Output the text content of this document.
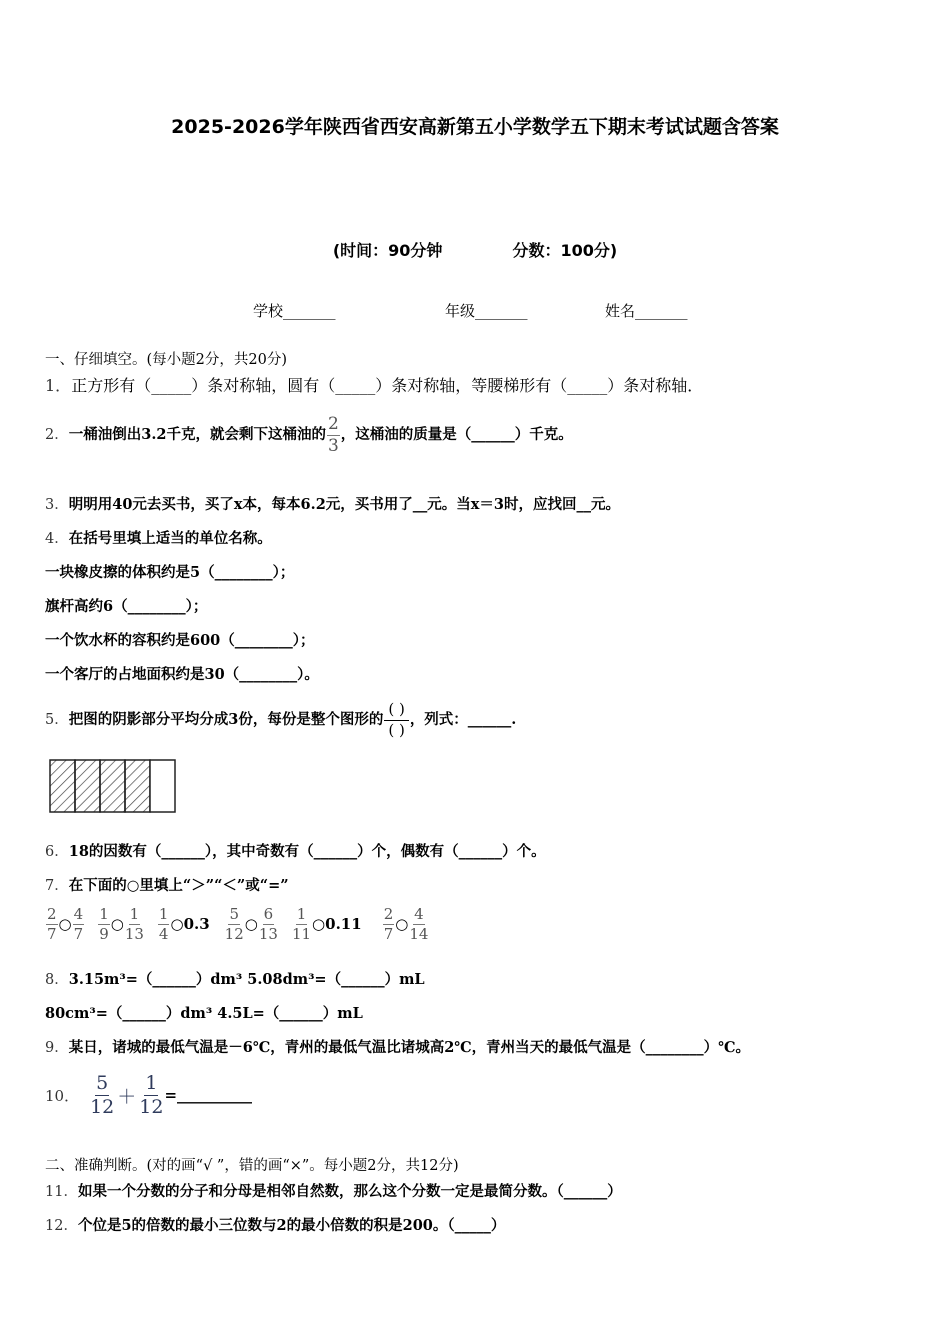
2025-2026学年陕西省西安高新第五小学数学五下期末考试试题含答案
(时间：90分钟	分数：100分)
学校_______	年级_______	姓名_______
一、仔细填空。(每小题2分，共20分)
1．正方形有（_____）条对称轴，圆有（_____）条对称轴，等腰梯形有（_____）条对称轴．
2． 一桶油倒出3.2千克，就会剩下这桶油的 $\frac{2}{3}$ ，这桶油的质量是（______）千克。
3．明明用40元去买书，买了x本，每本6.2元，买书用了__元。当x＝3时，应找回__元。
4．在括号里填上适当的单位名称。
一块橡皮擦的体积约是5（________）；
旗杆高约6（________）；
一个饮水杯的容积约是600（________）；
一个客厅的占地面积约是30（________）。
5． 把图的阴影部分平均分成3份，每份是整个图形的 $\frac{( )}{( )}$ ，列式：______.
6．18的因数有（______），其中奇数有（______）个，偶数有（______）个。
7．在下面的○里填上“＞”“＜”或“=”
$\frac{2}{7}$ ○ $\frac{4}{7} \frac{1}{9}$ ○ $\frac{1}{13} \frac{1}{4}$ ○ $0.3 \frac{5}{12}$ ○ $\frac{6}{13} \frac{1}{11}$ ○ $0.11 \frac{2}{7}$ ○ $\frac{4}{14}$
8．3.15m³=（______）dm³ 5.08dm³=（______）mL
80cm³=（______）dm³ 4.5L=（______）mL
9．某日，诸城的最低气温是－6℃，青州的最低气温比诸城高2℃，青州当天的最低气温是（________）℃。
10． $\frac{5}{12} + \frac{1}{12}$ =__________
二、准确判断。(对的画“√ ”，错的画“×”。每小题2分，共12分)
11．如果一个分数的分子和分母是相邻自然数，那么这个分数一定是最简分数。（______）
12．个位是5的倍数的最小三位数与2的最小倍数的积是200。（_____）
